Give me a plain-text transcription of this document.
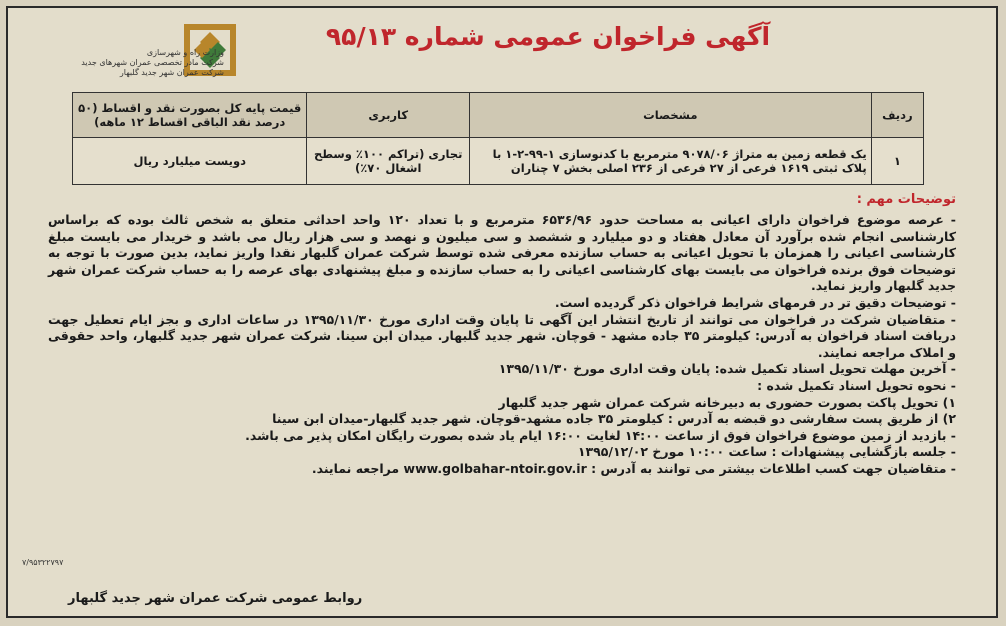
وزارت راه و شهرسازی
شرکت مادر تخصصی عمران شهرهای جدید
شرکت عمران شهر جدید گلبهار
آگهی فراخوان عمومی شماره ۹۵/۱۳
ردیف	مشخصات	کاربری	قیمت پایه کل بصورت نقد و اقساط (۵۰ درصد نقد الباقی اقساط ۱۲ ماهه)
۱	یک قطعه زمین به متراژ ۹۰۷۸/۰۶ مترمربع با کدنوسازی ۱-۹۹-۲-۱ با پلاک ثبتی ۱۶۱۹ فرعی از ۲۷ فرعی از ۲۳۶ اصلی بخش ۷ چناران	تجاری (تراکم ۱۰۰٪ وسطح اشغال ۷۰٪)	دویست میلیارد ریال
توضیحات مهم :

- عرصه موضوع فراخوان دارای اعیانی به مساحت حدود ۶۵۳۶/۹۶ مترمربع و با تعداد ۱۲۰ واحد احداثی متعلق به شخص ثالث بوده که براساس کارشناسی انجام شده برآورد آن معادل هفتاد و دو میلیارد و ششصد و سی میلیون و نهصد و سی هزار ریال می باشد و خریدار می بایست مبلغ کارشناسی اعیانی را همزمان با تحویل اعیانی به حساب سازنده معرفی شده توسط شرکت عمران گلبهار نقدا واریز نماید، بدین صورت با توجه به توضیحات فوق برنده فراخوان می بایست بهای کارشناسی اعیانی را به حساب سازنده و مبلغ پیشنهادی بهای عرصه را به حساب شرکت عمران شهر جدید گلبهار واریز نماید.

- توضیحات دقیق تر در فرمهای شرایط فراخوان ذکر گردیده است.

- متقاضیان شرکت در فراخوان می توانند از تاریخ انتشار این آگهی تا پایان وقت اداری مورخ ۱۳۹۵/۱۱/۳۰ در ساعات اداری و بجز ایام تعطیل جهت دریافت اسناد فراخوان به آدرس: کیلومتر ۳۵ جاده مشهد - قوچان. شهر جدید گلبهار. میدان ابن سینا. شرکت عمران شهر جدید گلبهار، واحد حقوقی و املاک مراجعه نمایند.

- آخرین مهلت تحویل اسناد تکمیل شده: پایان وقت اداری مورخ ۱۳۹۵/۱۱/۳۰

- نحوه تحویل اسناد تکمیل شده :

۱) تحویل پاکت بصورت حضوری به دبیرخانه شرکت عمران شهر جدید گلبهار

۲) از طریق پست سفارشی دو قبضه به آدرس : کیلومتر ۳۵ جاده مشهد-قوچان. شهر جدید گلبهار-میدان ابن سینا

- بازدید از زمین موضوع فراخوان فوق از ساعت ۱۴:۰۰ لغایت ۱۶:۰۰ ایام یاد شده بصورت رایگان امکان پذیر می باشد.

- جلسه بازگشایی پیشنهادات : ساعت ۱۰:۰۰ مورخ ۱۳۹۵/۱۲/۰۲

- متقاضیان جهت کسب اطلاعات بیشتر می توانند به آدرس : www.golbahar-ntoir.gov.ir مراجعه نمایند.

۷/۹۵۳۲۲۷۹۷
روابط عمومی شرکت عمران شهر جدید گلبهار
